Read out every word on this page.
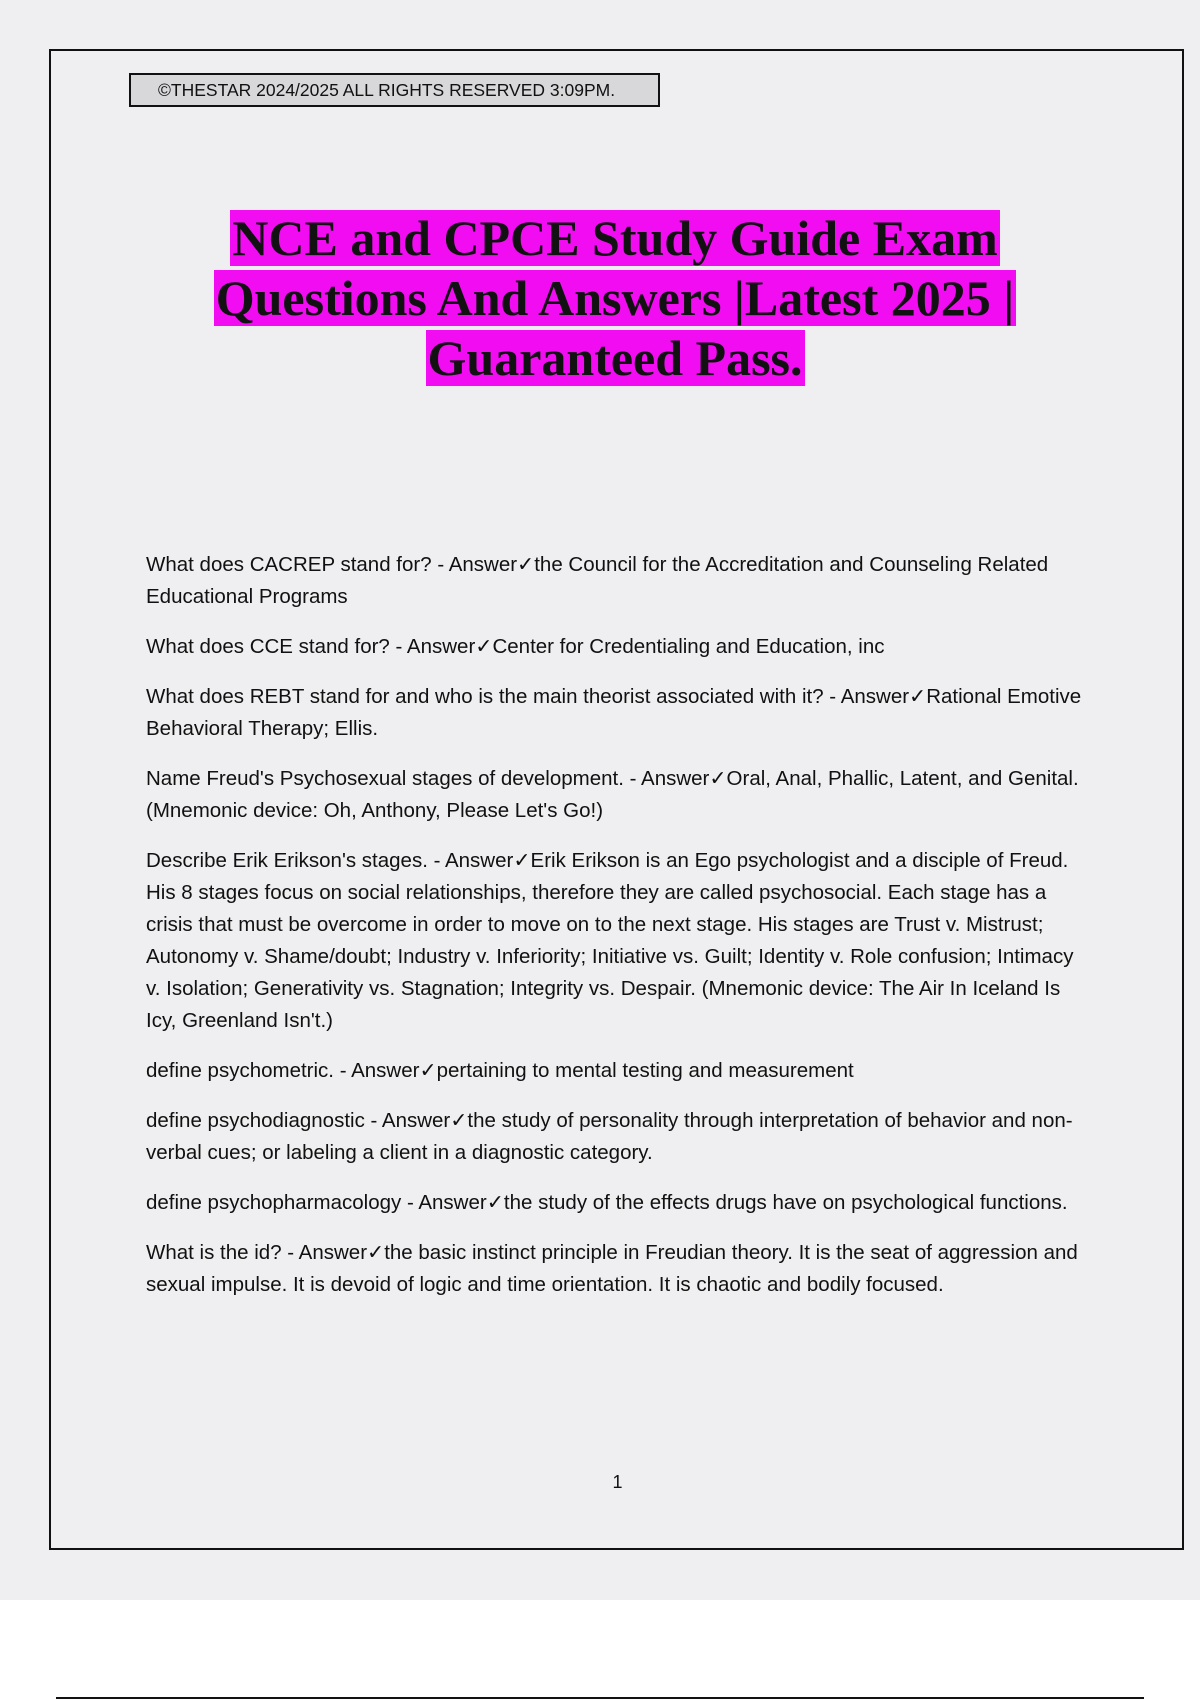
©THESTAR 2024/2025 ALL RIGHTS RESERVED 3:09PM.
NCE and CPCE Study Guide Exam
Questions And Answers |Latest 2025 |
Guaranteed Pass.

What does CACREP stand for? - Answer✓the Council for the Accreditation and Counseling Related Educational Programs

What does CCE stand for? - Answer✓Center for Credentialing and Education, inc

What does REBT stand for and who is the main theorist associated with it? - Answer✓Rational Emotive Behavioral Therapy; Ellis.

Name Freud's Psychosexual stages of development. - Answer✓Oral, Anal, Phallic, Latent, and Genital. (Mnemonic device: Oh, Anthony, Please Let's Go!)

Describe Erik Erikson's stages. - Answer✓Erik Erikson is an Ego psychologist and a disciple of Freud. His 8 stages focus on social relationships, therefore they are called psychosocial. Each stage has a crisis that must be overcome in order to move on to the next stage. His stages are Trust v. Mistrust; Autonomy v. Shame/doubt; Industry v. Inferiority; Initiative vs. Guilt; Identity v. Role confusion; Intimacy v. Isolation; Generativity vs. Stagnation; Integrity vs. Despair. (Mnemonic device: The Air In Iceland Is Icy, Greenland Isn't.)

define psychometric. - Answer✓pertaining to mental testing and measurement

define psychodiagnostic - Answer✓the study of personality through interpretation of behavior and non-verbal cues; or labeling a client in a diagnostic category.

define psychopharmacology - Answer✓the study of the effects drugs have on psychological functions.

What is the id? - Answer✓the basic instinct principle in Freudian theory. It is the seat of aggression and sexual impulse. It is devoid of logic and time orientation. It is chaotic and bodily focused.

1
